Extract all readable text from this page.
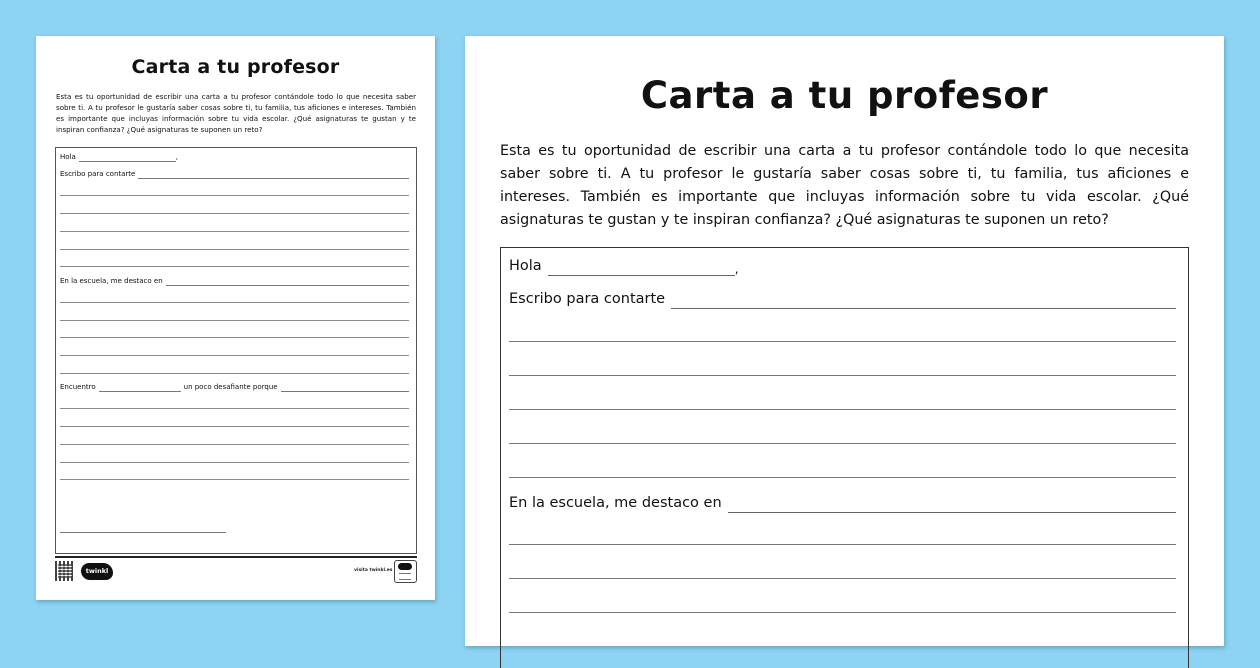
Carta a tu profesor
Esta es tu oportunidad de escribir una carta a tu profesor contándole todo lo que necesita saber sobre ti. A tu profesor le gustaría saber cosas sobre ti, tu familia, tus aficiones e intereses. También es importante que incluyas información sobre tu vida escolar. ¿Qué asignaturas te gustan y te inspiran confianza? ¿Qué asignaturas te suponen un reto?
Hola	,
Escribo para contarte
En la escuela, me destaco en
Encuentro	un poco desafiante porque
twinkl	visita twinkl.es
Carta a tu profesor
Esta es tu oportunidad de escribir una carta a tu profesor contándole todo lo que necesita saber sobre ti. A tu profesor le gustaría saber cosas sobre ti, tu familia, tus aficiones e intereses. También es importante que incluyas información sobre tu vida escolar. ¿Qué asignaturas te gustan y te inspiran confianza? ¿Qué asignaturas te suponen un reto?
Hola	,
Escribo para contarte
En la escuela, me destaco en
